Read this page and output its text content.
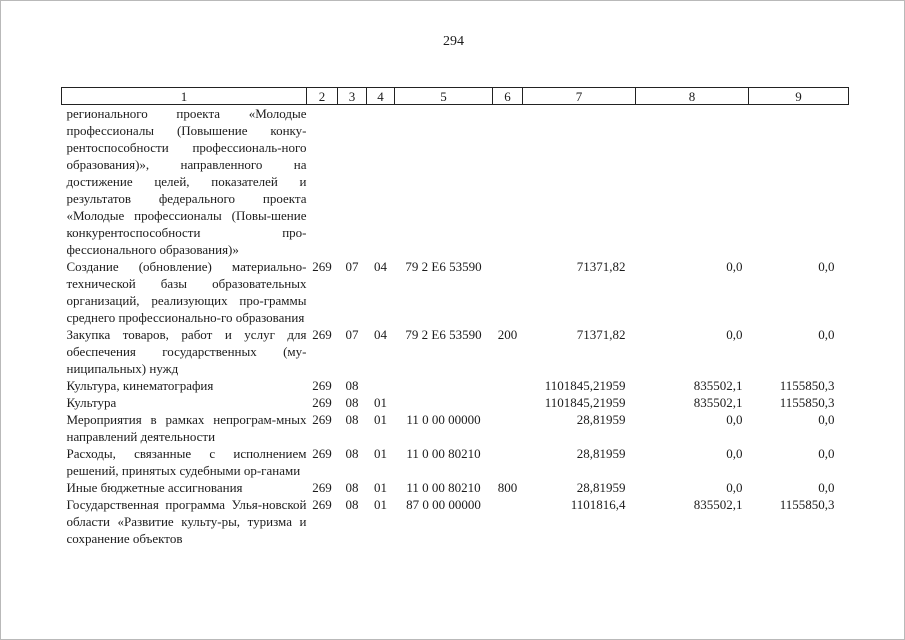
294
1	2	3	4	5	6	7	8	9
регионального проекта «Молодые профессионалы (Повышение конку-рентоспособности профессиональ-ного образования)», направленного на достижение целей, показателей и результатов федерального проекта «Молодые профессионалы (Повы-шение конкурентоспособности про-фессионального образования)»								
Создание (обновление) материально-технической базы образовательных организаций, реализующих про-граммы среднего профессионально-го образования	269	07	04	79 2 Е6 53590		71371,82	0,0	0,0
Закупка товаров, работ и услуг для обеспечения государственных (му-ниципальных) нужд	269	07	04	79 2 Е6 53590	200	71371,82	0,0	0,0
Культура, кинематография	269	08				1101845,21959	835502,1	1155850,3
Культура	269	08	01			1101845,21959	835502,1	1155850,3
Мероприятия в рамках непрограм-мных направлений деятельности	269	08	01	11 0 00 00000		28,81959	0,0	0,0
Расходы, связанные с исполнением решений, принятых судебными ор-ганами	269	08	01	11 0 00 80210		28,81959	0,0	0,0
Иные бюджетные ассигнования	269	08	01	11 0 00 80210	800	28,81959	0,0	0,0
Государственная программа Улья-новской области «Развитие культу-ры, туризма и сохранение объектов	269	08	01	87 0 00 00000		1101816,4	835502,1	1155850,3
